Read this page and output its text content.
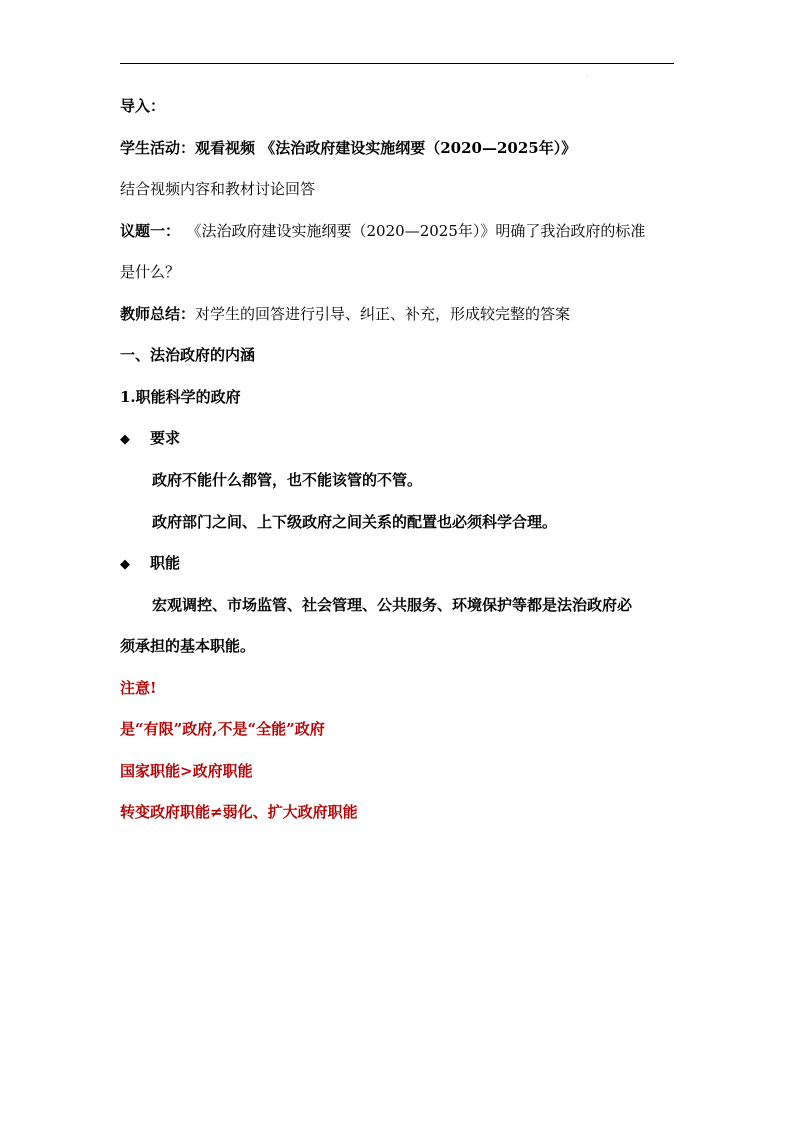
.
导入：
学生活动：观看视频 《法治政府建设实施纲要（2020—2025年）》
结合视频内容和教材讨论回答
议题一： 《法治政府建设实施纲要（2020—2025年）》明确了我治政府的标准
是什么？
教师总结：对学生的回答进行引导、纠正、补充，形成较完整的答案
一、法治政府的内涵
1.职能科学的政府
◆ 要求
政府不能什么都管，也不能该管的不管。
政府部门之间、上下级政府之间关系的配置也必须科学合理。
◆ 职能
宏观调控、市场监管、社会管理、公共服务、环境保护等都是法治政府必
须承担的基本职能。
注意!
是“有限”政府,不是“全能”政府
国家职能>政府职能
转变政府职能≠弱化、扩大政府职能
